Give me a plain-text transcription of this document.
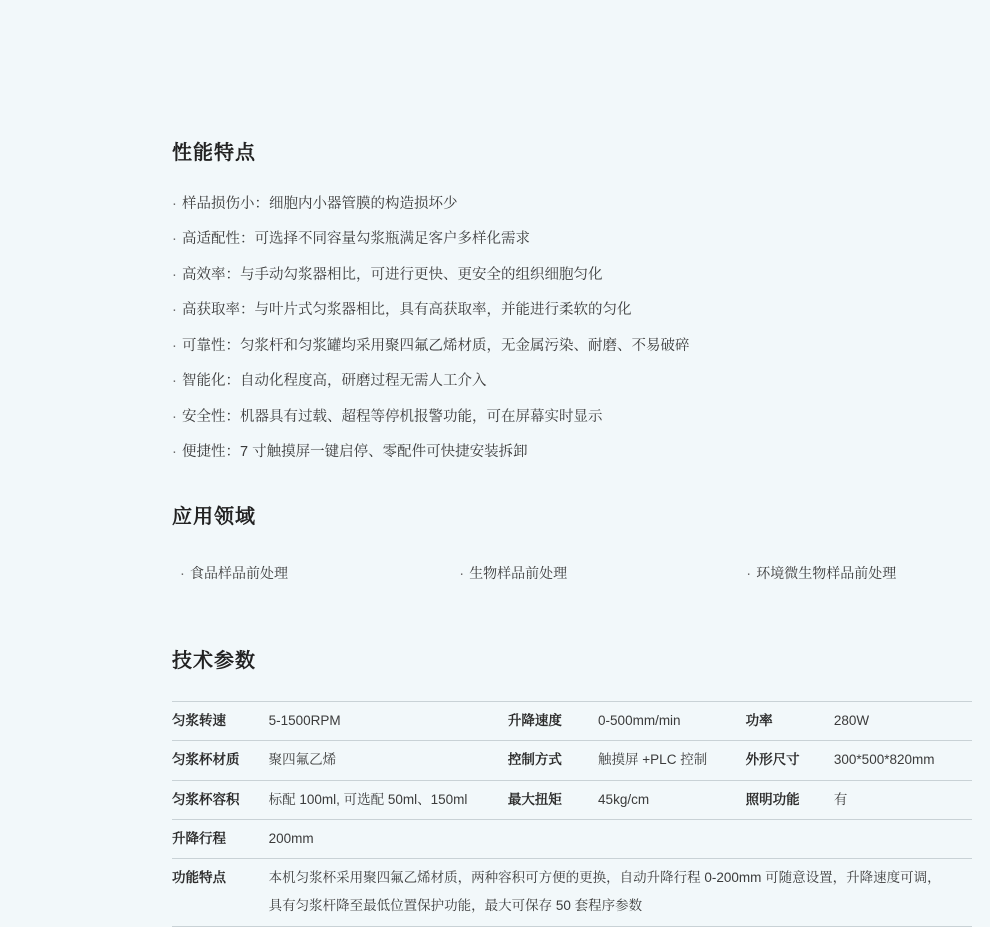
性能特点
· 样品损伤小：细胞内小器管膜的构造损坏少
· 高适配性：可选择不同容量勾浆瓶满足客户多样化需求
· 高效率：与手动勾浆器相比，可进行更快、更安全的组织细胞匀化
· 高获取率：与叶片式匀浆器相比，具有高获取率，并能进行柔软的匀化
· 可靠性：匀浆杆和匀浆罐均采用聚四氟乙烯材质，无金属污染、耐磨、不易破碎
· 智能化：自动化程度高，研磨过程无需人工介入
· 安全性：机器具有过载、超程等停机报警功能，可在屏幕实时显示
· 便捷性：7 寸触摸屏一键启停、零配件可快捷安装拆卸
应用领域
· 食品样品前处理	· 生物样品前处理	· 环境微生物样品前处理
技术参数
匀浆转速	5-1500RPM	升降速度	0-500mm/min	功率	280W
匀浆杯材质	聚四氟乙烯	控制方式	触摸屏 +PLC 控制	外形尺寸	300*500*820mm
匀浆杯容积	标配 100ml, 可选配 50ml、150ml	最大扭矩	45kg/cm	照明功能	有
升降行程	200mm				
功能特点	本机匀浆杯采用聚四氟乙烯材质，两种容积可方便的更换，自动升降行程 0-200mm 可随意设置，升降速度可调，
具有匀浆杆降至最低位置保护功能，最大可保存 50 套程序参数				
